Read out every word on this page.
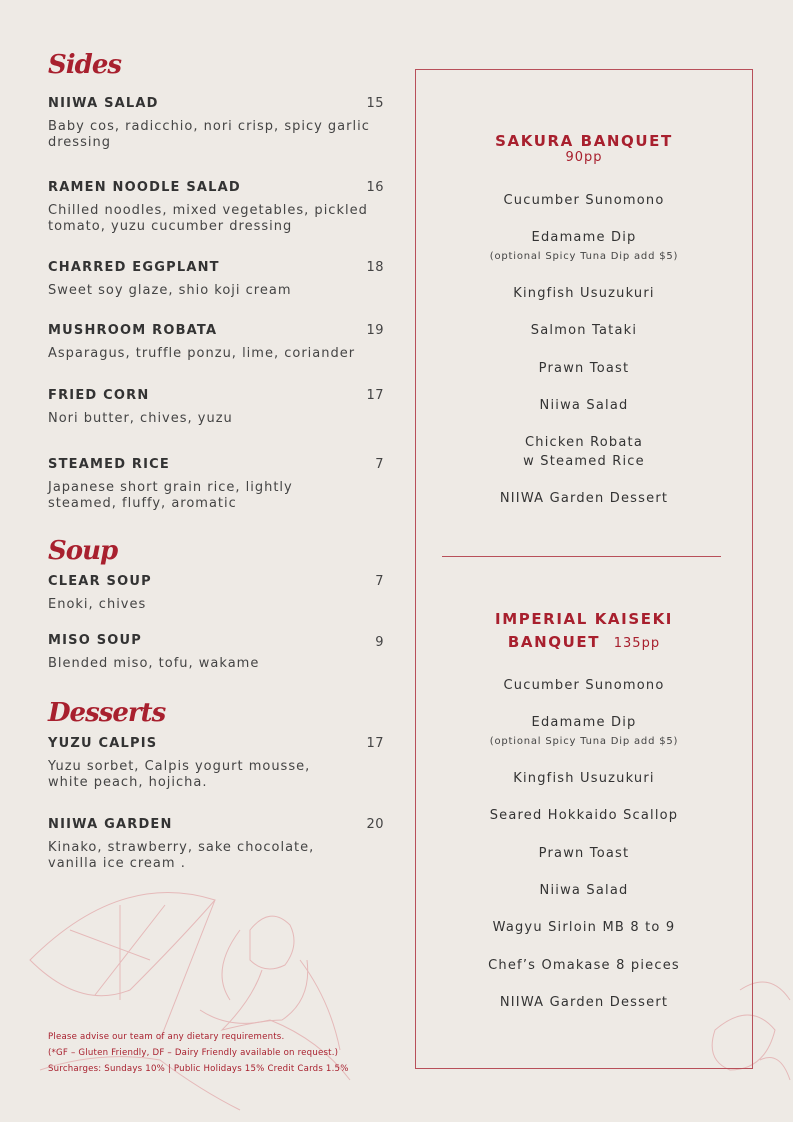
Sides
NIIWA SALAD	15
Baby cos, radicchio, nori crisp, spicy garlic dressing
RAMEN NOODLE SALAD	16
Chilled noodles, mixed vegetables, pickled tomato, yuzu cucumber dressing
CHARRED EGGPLANT	18
Sweet soy glaze, shio koji cream
MUSHROOM ROBATA	19
Asparagus, truffle ponzu, lime, coriander
FRIED CORN	17
Nori butter, chives, yuzu
STEAMED RICE	7
Japanese short grain rice, lightly steamed, fluffy, aromatic
Soup
CLEAR SOUP	7
Enoki, chives
MISO SOUP	9
Blended miso, tofu, wakame
Desserts
YUZU CALPIS	17
Yuzu sorbet, Calpis yogurt mousse, white peach, hojicha.
NIIWA GARDEN	20
Kinako, strawberry, sake chocolate, vanilla ice cream .
Please advise our team of any dietary requirements.
(*GF – Gluten Friendly, DF – Dairy Friendly available on request.)
Surcharges: Sundays 10% | Public Holidays 15% Credit Cards 1.5%
SAKURA BANQUET
90pp
Cucumber Sunomono
Edamame Dip
(optional Spicy Tuna Dip add $5)
Kingfish Usuzukuri
Salmon Tataki
Prawn Toast
Niiwa Salad
Chicken Robata
w Steamed Rice
NIIWA Garden Dessert
IMPERIAL KAISEKI
BANQUET 135pp
Cucumber Sunomono
Edamame Dip
(optional Spicy Tuna Dip add $5)
Kingfish Usuzukuri
Seared Hokkaido Scallop
Prawn Toast
Niiwa Salad
Wagyu Sirloin MB 8 to 9
Chef’s Omakase 8 pieces
NIIWA Garden Dessert
